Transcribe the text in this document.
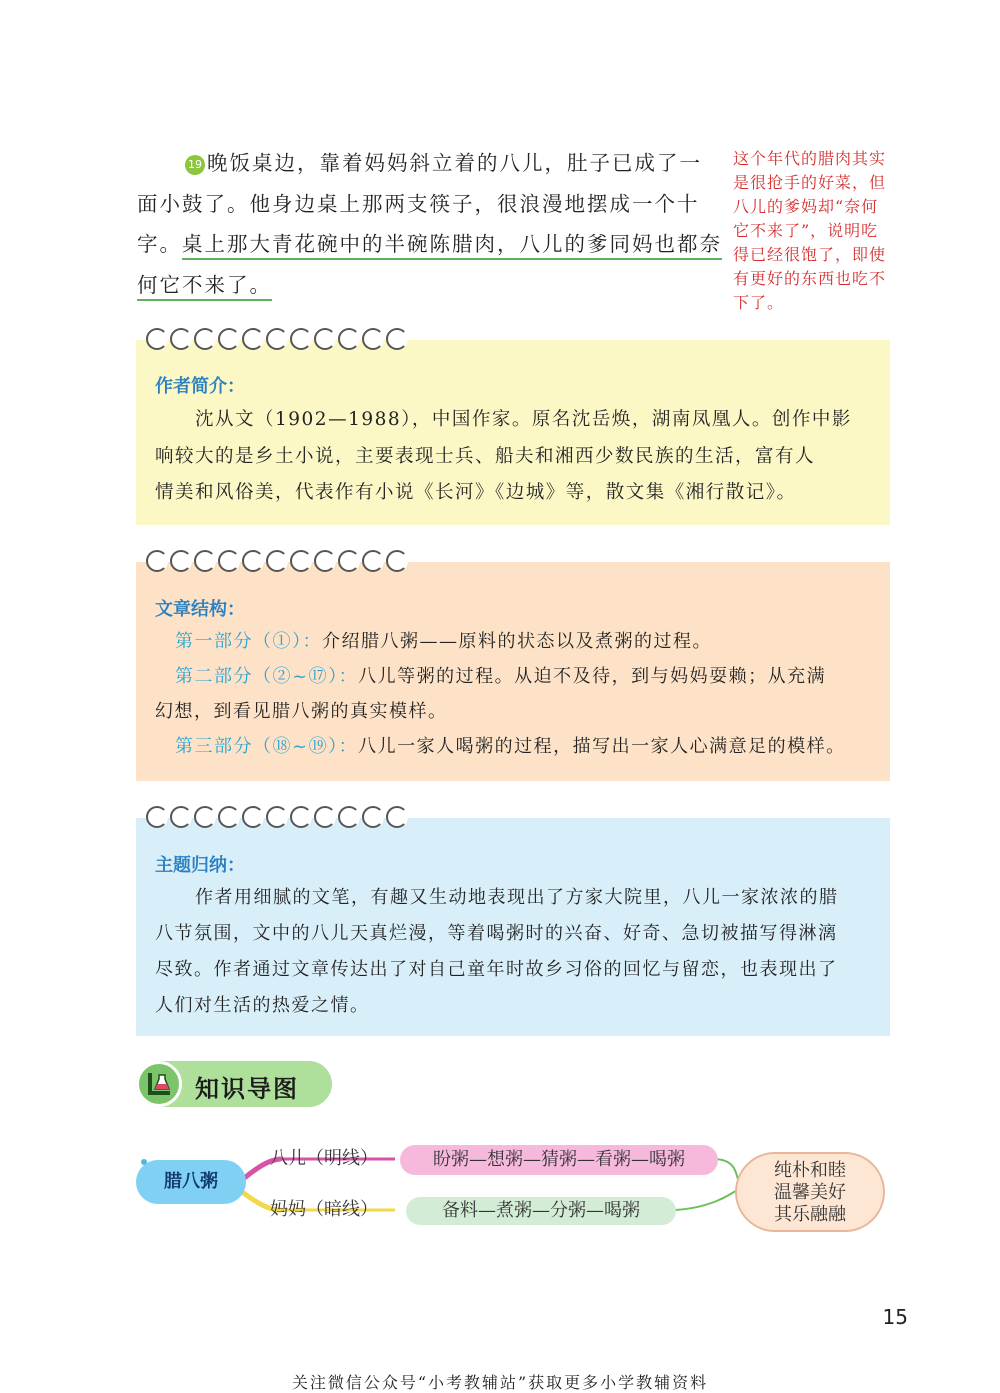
19 晚饭桌边，靠着妈妈斜立着的八儿，肚子已成了一
面小鼓了。他身边桌上那两支筷子，很浪漫地摆成一个十
字。桌上那大青花碗中的半碗陈腊肉，八儿的爹同妈也都奈
何它不来了。
这个年代的腊肉其实是很抢手的好菜，但八儿的爹妈却“奈何它不来了”，说明吃得已经很饱了，即使有更好的东西也吃不下了。
作者简介：
沈从文（1902—1988），中国作家。原名沈岳焕，湖南凤凰人。创作中影
响较大的是乡土小说，主要表现士兵、船夫和湘西少数民族的生活，富有人
情美和风俗美，代表作有小说《长河》《边城》等，散文集《湘行散记》。
文章结构：
第一部分（①）：介绍腊八粥——原料的状态以及煮粥的过程。
第二部分（②~⑰）：八儿等粥的过程。从迫不及待，到与妈妈耍赖；从充满
幻想，到看见腊八粥的真实模样。
第三部分（⑱~⑲）：八儿一家人喝粥的过程，描写出一家人心满意足的模样。
主题归纳：
作者用细腻的文笔，有趣又生动地表现出了方家大院里，八儿一家浓浓的腊
八节氛围，文中的八儿天真烂漫，等着喝粥时的兴奋、好奇、急切被描写得淋漓
尽致。作者通过文章传达出了对自己童年时故乡习俗的回忆与留恋，也表现出了
人们对生活的热爱之情。
知识导图
腊八粥
八儿（明线）	盼粥—想粥—猜粥—看粥—喝粥
妈妈（暗线）	备料—煮粥—分粥—喝粥
纯朴和睦
温馨美好
其乐融融
15
关注微信公众号“小考教辅站”获取更多小学教辅资料
